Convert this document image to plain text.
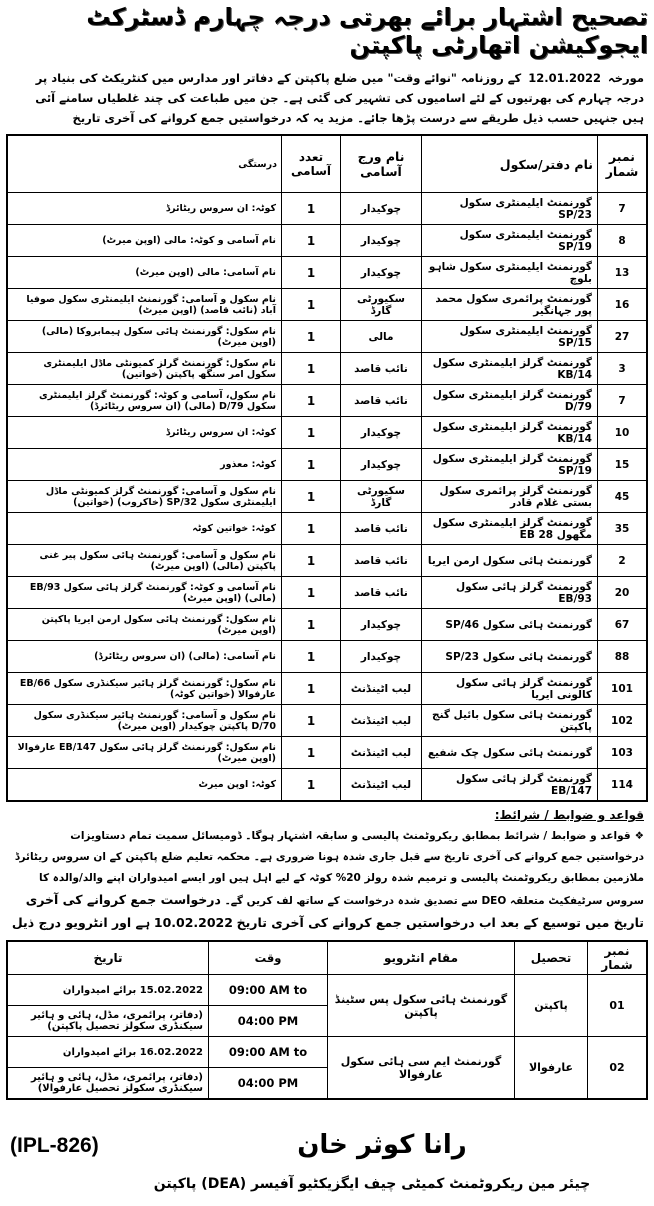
تصحیح اشتہار برائے بھرتی درجہ چہارم ڈسٹرکٹ ایجوکیشن اتھارٹی پاکپتن
مورخہ 12.01.2022 کے روزنامہ "نوائے وقت" میں ضلع پاکپتن کے دفاتر اور مدارس میں کنٹریکٹ کی بنیاد پر درجہ چہارم کی بھرتیوں کے لئے اسامیوں کی تشہیر کی گئی ہے۔ جن میں طباعت کی چند غلطیاں سامنے آئی ہیں جنہیں حسب ذیل طریقے سے درست پڑھا جائے۔ مزید یہ کہ درخواستیں جمع کروانے کی آخری تاریخ
نمبر شمار	نام دفتر/سکول	نام ورج آسامی	تعدد آسامی	درستگی
7	گورنمنٹ ایلیمنٹری سکول 23/SP	چوکیدار	1	کوٹہ: ان سروس ریٹائرڈ
8	گورنمنٹ ایلیمنٹری سکول 19/SP	چوکیدار	1	نام آسامی و کوٹہ: مالی (اوپن میرٹ)
13	گورنمنٹ ایلیمنٹری سکول شاہو بلوچ	چوکیدار	1	نام آسامی: مالی (اوپن میرٹ)
16	گورنمنٹ پرائمری سکول محمد پور جہانگیر	سکیورٹی گارڈ	1	نام سکول و آسامی: گورنمنٹ ایلیمنٹری سکول صوفیا آباد (نائب قاصد) (اوپن میرٹ)
27	گورنمنٹ ایلیمنٹری سکول 15/SP	مالی	1	نام سکول: گورنمنٹ ہائی سکول ہیمابروکا (مالی) (اوپن میرٹ)
3	گورنمنٹ گرلز ایلیمنٹری سکول 14/KB	نائب قاصد	1	نام سکول: گورنمنٹ گرلز کمیونٹی ماڈل ایلیمنٹری سکول امر سنگھ پاکپتن (خواتین)
7	گورنمنٹ گرلز ایلیمنٹری سکول 79/D	نائب قاصد	1	نام سکول، آسامی و کوٹہ: گورنمنٹ گرلز ایلیمنٹری سکول 79/D (مالی) (ان سروس ریٹائرڈ)
10	گورنمنٹ گرلز ایلیمنٹری سکول 14/KB	چوکیدار	1	کوٹہ: ان سروس ریٹائرڈ
15	گورنمنٹ گرلز ایلیمنٹری سکول 19/SP	چوکیدار	1	کوٹہ: معذور
45	گورنمنٹ گرلز پرائمری سکول بستی غلام قادر	سکیورٹی گارڈ	1	نام سکول و آسامی: گورنمنٹ گرلز کمیونٹی ماڈل ایلیمنٹری سکول 32/SP (خاکروب) (خواتین)
35	گورنمنٹ گرلز ایلیمنٹری سکول مگھول EB 28	نائب قاصد	1	کوٹہ: خواتین کوٹہ
2	گورنمنٹ ہائی سکول ارمن ایریا	نائب قاصد	1	نام سکول و آسامی: گورنمنٹ ہائی سکول پیر غنی پاکپتن (مالی) (اوپن میرٹ)
20	گورنمنٹ گرلز ہائی سکول 93/EB	نائب قاصد	1	نام آسامی و کوٹہ: گورنمنٹ گرلز ہائی سکول 93/EB (مالی) (اوپن میرٹ)
67	گورنمنٹ ہائی سکول 46/SP	چوکیدار	1	نام سکول: گورنمنٹ ہائی سکول ارمن ایریا پاکپتن (اوپن میرٹ)
88	گورنمنٹ ہائی سکول 23/SP	چوکیدار	1	نام آسامی: (مالی) (ان سروس ریٹائرڈ)
101	گورنمنٹ گرلز ہائی سکول کالونی ایریا	لیب اٹینڈنٹ	1	نام سکول: گورنمنٹ گرلز ہائیر سیکنڈری سکول 66/EB عارفوالا (خواتین کوٹہ)
102	گورنمنٹ ہائی سکول بائیل گنج پاکپتن	لیب اٹینڈنٹ	1	نام سکول و آسامی: گورنمنٹ ہائیر سیکنڈری سکول 70/D پاکپتن چوکیدار (اوپن میرٹ)
103	گورنمنٹ ہائی سکول چک شفیع	لیب اٹینڈنٹ	1	نام سکول: گورنمنٹ گرلز ہائی سکول 147/EB عارفوالا (اوپن میرٹ)
114	گورنمنٹ گرلز ہائی سکول 147/EB	لیب اٹینڈنٹ	1	کوٹہ: اوپن میرٹ
قواعد و ضوابط / شرائط:
❖قواعد و ضوابط / شرائط بمطابق ریکروٹمنٹ پالیسی و سابقہ اشتہار ہوگا۔ ڈومیسائل سمیت تمام دستاویزات درخواستیں جمع کروانے کی آخری تاریخ سے قبل جاری شدہ ہونا ضروری ہے۔ محکمہ تعلیم ضلع پاکپتن کے ان سروس ریٹائرڈ ملازمین بمطابق ریکروٹمنٹ پالیسی و ترمیم شدہ رولز 20% کوٹہ کے لیے اہل ہیں اور ایسے امیدواران اپنے والد/والدہ کا سروس سرٹیفکیٹ متعلقہ DEO سے تصدیق شدہ درخواست کے ساتھ لف کریں گے۔ درخواست جمع کروانے کی آخری تاریخ میں توسیع کے بعد اب درخواستیں جمع کروانے کی آخری تاریخ 10.02.2022 ہے اور انٹرویو درج ذیل
نمبر شمار	تحصیل	مقام انٹرویو	وقت	تاریخ
01	پاکپتن	گورنمنٹ ہائی سکول پس سٹینڈ پاکپتن	09:00 AM to	15.02.2022 برائے امیدواران
			04:00 PM	(دفاتر، پرائمری، مڈل، ہائی و ہائیر سیکنڈری سکولز تحصیل پاکپتن)
02	عارفوالا	گورنمنٹ ایم سی ہائی سکول عارفوالا	09:00 AM to	16.02.2022 برائے امیدواران
			04:00 PM	(دفاتر، پرائمری، مڈل، ہائی و ہائیر سیکنڈری سکولز تحصیل عارفوالا)
(IPL-826)	رانا کوثر خان
چیئر مین ریکروٹمنٹ کمیٹی چیف ایگزیکٹیو آفیسر (DEA) پاکپتن
